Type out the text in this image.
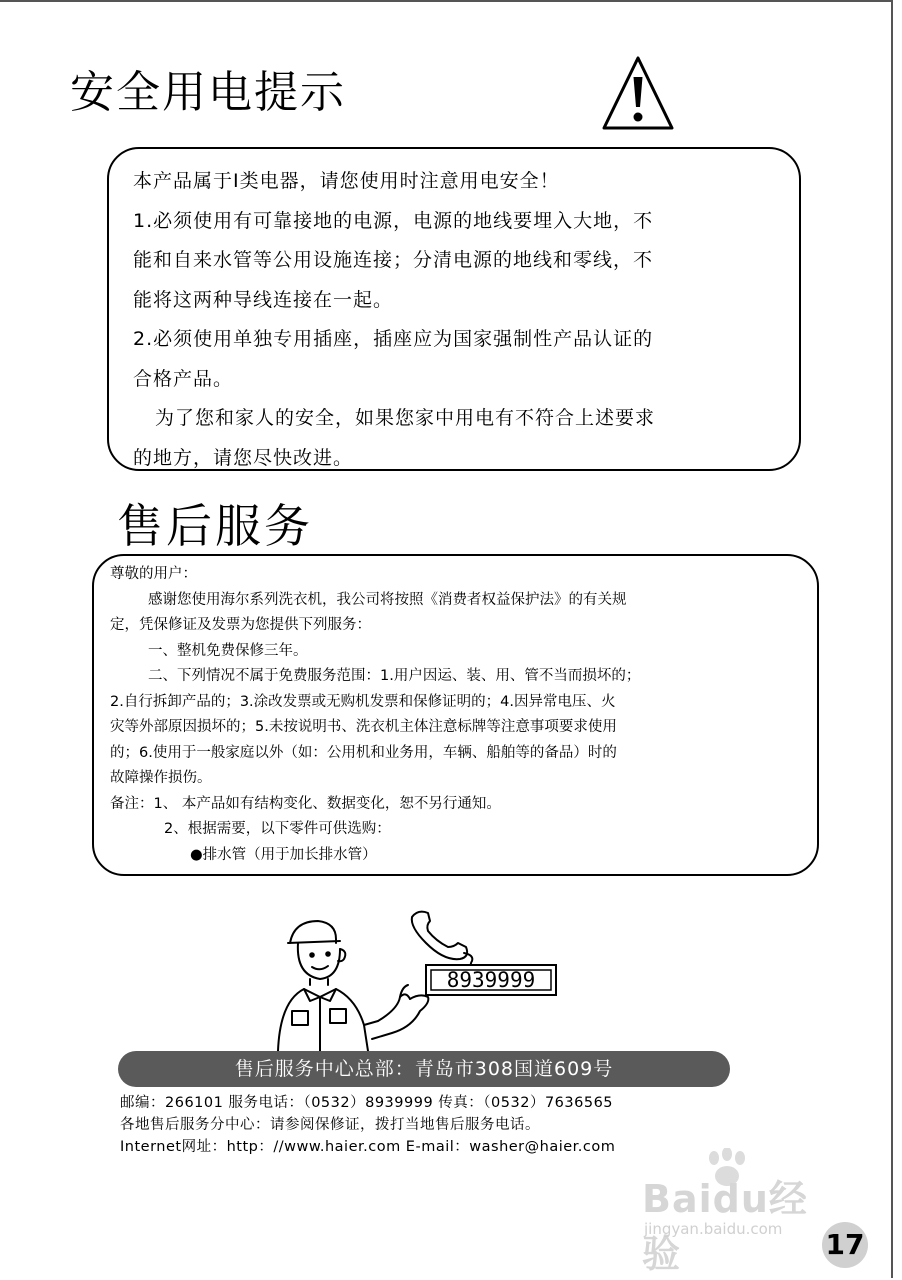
安全用电提示

本产品属于I类电器，请您使用时注意用电安全！

1.必须使用有可靠接地的电源，电源的地线要埋入大地，不

能和自来水管等公用设施连接；分清电源的地线和零线，不

能将这两种导线连接在一起。

2.必须使用单独专用插座，插座应为国家强制性产品认证的

合格产品。

为了您和家人的安全，如果您家中用电有不符合上述要求

的地方，请您尽快改进。

售后服务

尊敬的用户：

感谢您使用海尔系列洗衣机，我公司将按照《消费者权益保护法》的有关规

定，凭保修证及发票为您提供下列服务：

一、整机免费保修三年。

二、下列情况不属于免费服务范围：1.用户因运、装、用、管不当而损坏的；

2.自行拆卸产品的；3.涂改发票或无购机发票和保修证明的；4.因异常电压、火

灾等外部原因损坏的；5.未按说明书、洗衣机主体注意标牌等注意事项要求使用

的；6.使用于一般家庭以外（如：公用机和业务用，车辆、船舶等的备品）时的

故障操作损伤。

备注：1、 本产品如有结构变化、数据变化，恕不另行通知。

2、根据需要，以下零件可供选购：

●排水管（用于加长排水管）

8939999
售后服务中心总部：青岛市308国道609号
邮编：266101 服务电话：（0532）8939999 传真：（0532）7636565
各地售后服务分中心：请参阅保修证，拨打当地售后服务电话。
Internet网址：http：//www.haier.com E-mail：washer@haier.com
Baidu经验
jingyan.baidu.com 17
